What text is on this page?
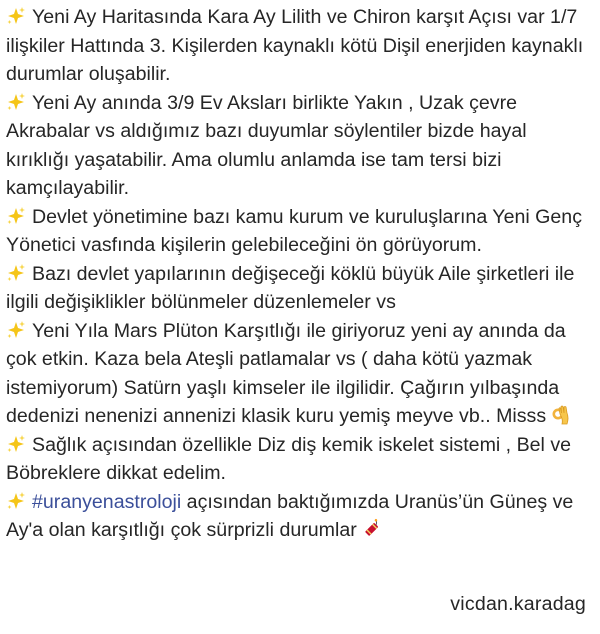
Yeni Ay Haritasında Kara Ay Lilith ve Chiron karşıt Açısı var 1/7 ilişkiler Hattında 3. Kişilerden kaynaklı kötü Dişil enerjiden kaynaklı durumlar oluşabilir.

Yeni Ay anında 3/9 Ev Aksları birlikte Yakın , Uzak çevre Akrabalar vs aldığımız bazı duyumlar söylentiler bizde hayal kırıklığı yaşatabilir. Ama olumlu anlamda ise tam tersi bizi kamçılayabilir.

Devlet yönetimine bazı kamu kurum ve kuruluşlarına Yeni Genç Yönetici vasfında kişilerin gelebileceğini ön görüyorum.

Bazı devlet yapılarının değişeceği köklü büyük Aile şirketleri ile ilgili değişiklikler bölünmeler düzenlemeler vs

Yeni Yıla Mars Plüton Karşıtlığı ile giriyoruz yeni ay anında da çok etkin. Kaza bela Ateşli patlamalar vs ( daha kötü yazmak istemiyorum) Satürn yaşlı kimseler ile ilgilidir. Çağırın yılbaşında dedenizi nenenizi annenizi klasik kuru yemiş meyve vb.. Misss

Sağlık açısından özellikle Diz diş kemik iskelet sistemi , Bel ve Böbreklere dikkat edelim.

#uranyenastroloji açısından baktığımızda Uranüs’ün Güneş ve Ay'a olan karşıtlığı çok sürprizli durumlar

vicdan.karadag
